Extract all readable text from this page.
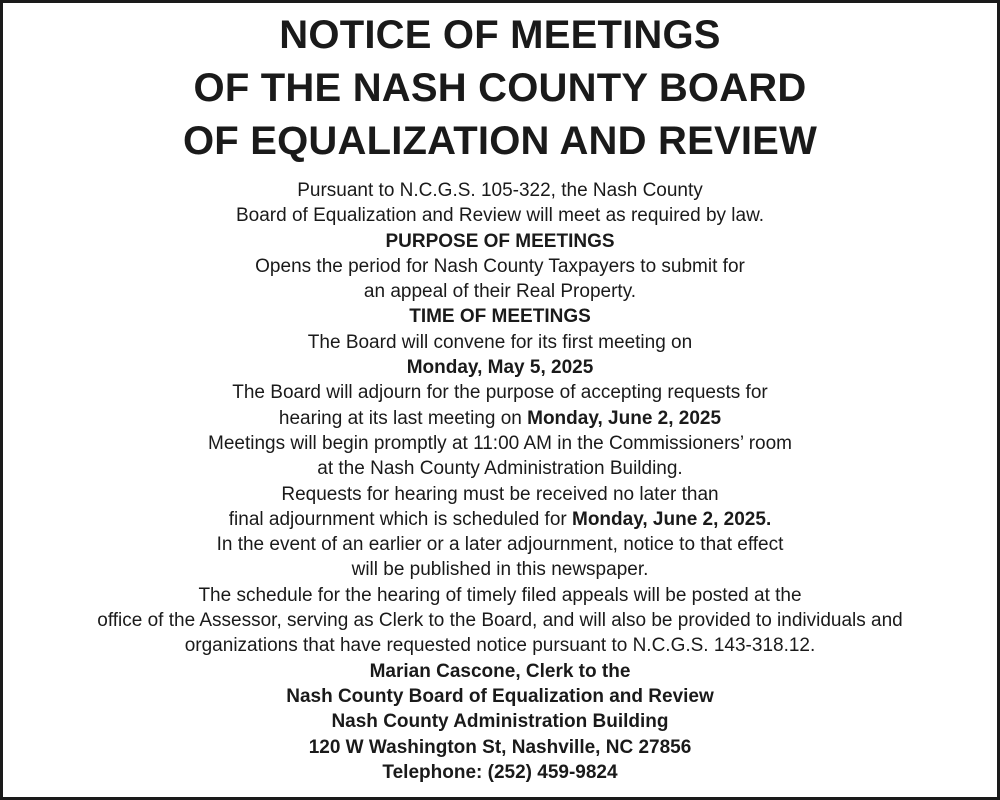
NOTICE OF MEETINGS
OF THE NASH COUNTY BOARD
OF EQUALIZATION AND REVIEW
Pursuant to N.C.G.S. 105-322, the Nash County
Board of Equalization and Review will meet as required by law.
PURPOSE OF MEETINGS
Opens the period for Nash County Taxpayers to submit for
an appeal of their Real Property.
TIME OF MEETINGS
The Board will convene for its first meeting on
Monday, May 5, 2025
The Board will adjourn for the purpose of accepting requests for
hearing at its last meeting on Monday, June 2, 2025
Meetings will begin promptly at 11:00 AM in the Commissioners’ room
at the Nash County Administration Building.
Requests for hearing must be received no later than
final adjournment which is scheduled for Monday, June 2, 2025.
In the event of an earlier or a later adjournment, notice to that effect
will be published in this newspaper.
The schedule for the hearing of timely filed appeals will be posted at the
office of the Assessor, serving as Clerk to the Board, and will also be provided to individuals and
organizations that have requested notice pursuant to N.C.G.S. 143-318.12.
Marian Cascone, Clerk to the
Nash County Board of Equalization and Review
Nash County Administration Building
120 W Washington St, Nashville, NC 27856
Telephone: (252) 459-9824
